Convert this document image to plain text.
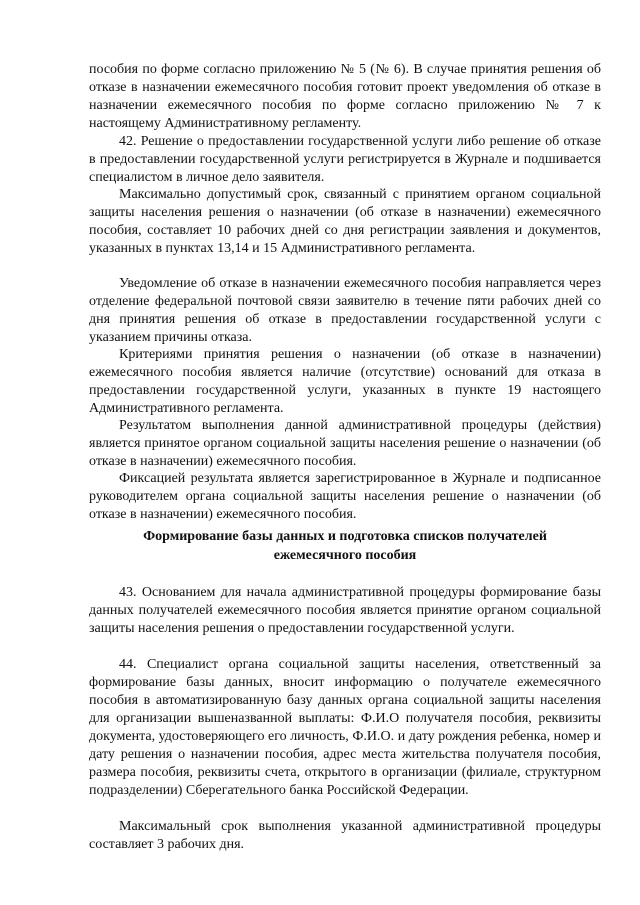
пособия по форме согласно приложению № 5 (№ 6). В случае принятия решения об отказе в назначении ежемесячного пособия готовит проект уведомления об отказе в назначении ежемесячного пособия по форме согласно приложению № 7 к настоящему Административному регламенту.

42. Решение о предоставлении государственной услуги либо решение об отказе в предоставлении государственной услуги регистрируется в Журнале и подшивается специалистом в личное дело заявителя.

Максимально допустимый срок, связанный с принятием органом социальной защиты населения решения о назначении (об отказе в назначении) ежемесячного пособия, составляет 10 рабочих дней со дня регистрации заявления и документов, указанных в пунктах 13,14 и 15 Административного регламента.

Уведомление об отказе в назначении ежемесячного пособия направляется через отделение федеральной почтовой связи заявителю в течение пяти рабочих дней со дня принятия решения об отказе в предоставлении государственной услуги с указанием причины отказа.

Критериями принятия решения о назначении (об отказе в назначении) ежемесячного пособия является наличие (отсутствие) оснований для отказа в предоставлении государственной услуги, указанных в пункте 19 настоящего Административного регламента.

Результатом выполнения данной административной процедуры (действия) является принятое органом социальной защиты населения решение о назначении (об отказе в назначении) ежемесячного пособия.

Фиксацией результата является зарегистрированное в Журнале и подписанное руководителем органа социальной защиты населения решение о назначении (об отказе в назначении) ежемесячного пособия.

Формирование базы данных и подготовка списков получателей ежемесячного пособия

43. Основанием для начала административной процедуры формирование базы данных получателей ежемесячного пособия является принятие органом социальной защиты населения решения о предоставлении государственной услуги.

44. Специалист органа социальной защиты населения, ответственный за формирование базы данных, вносит информацию о получателе ежемесячного пособия в автоматизированную базу данных органа социальной защиты населения для организации вышеназванной выплаты: Ф.И.О получателя пособия, реквизиты документа, удостоверяющего его личность, Ф.И.О. и дату рождения ребенка, номер и дату решения о назначении пособия, адрес места жительства получателя пособия, размера пособия, реквизиты счета, открытого в организации (филиале, структурном подразделении) Сберегательного банка Российской Федерации.

Максимальный срок выполнения указанной административной процедуры составляет 3 рабочих дня.
